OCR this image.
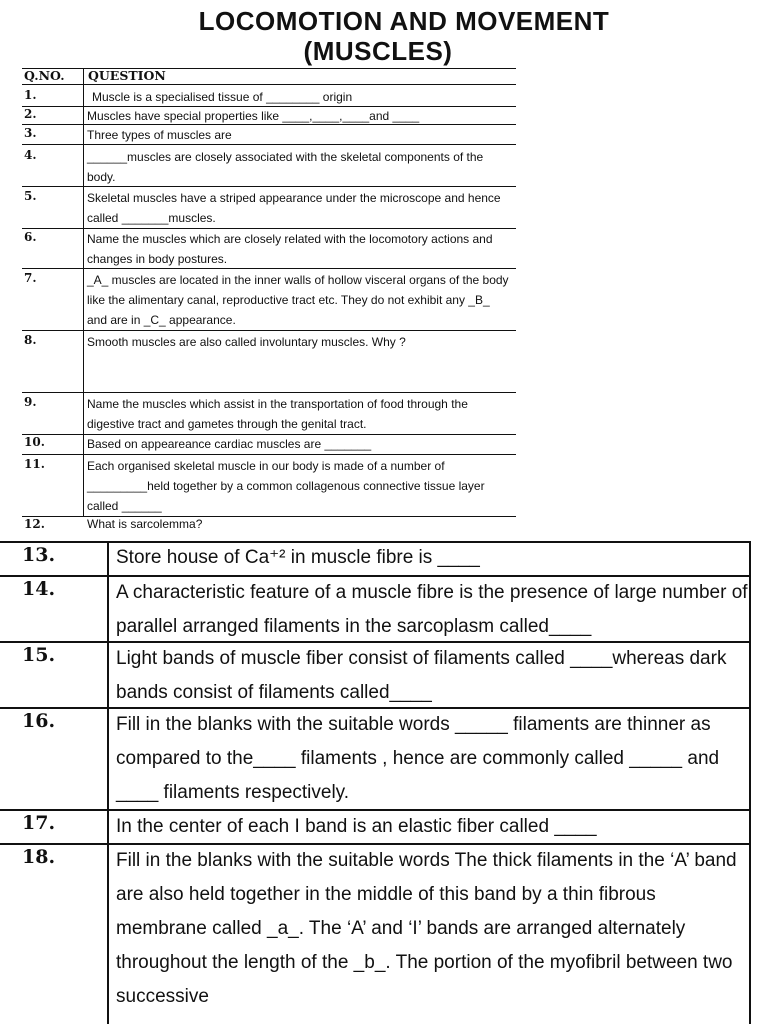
LOCOMOTION AND MOVEMENT
(MUSCLES)
Q.NO. QUESTION
1.	Muscle is a specialised tissue of ________ origin
2.	Muscles have special properties like ____,____,____and ____
3.	Three types of muscles are
4.	______muscles are closely associated with the skeletal components of the body.
5.	Skeletal muscles have a striped appearance under the microscope and hence called _______muscles.
6.	Name the muscles which are closely related with the locomotory actions and changes in body postures.
7.	_A_ muscles are located in the inner walls of hollow visceral organs of the body like the alimentary canal, reproductive tract etc. They do not exhibit any _B_ and are in _C_ appearance.
8.	Smooth muscles are also called involuntary muscles. Why ?
9.	Name the muscles which assist in the transportation of food through the digestive tract and gametes through the genital tract.
10.	Based on appeareance cardiac muscles are _______
11.	Each organised skeletal muscle in our body is made of a number of _________held together by a common collagenous connective tissue layer called ______
12.	What is sarcolemma?
13.	Store house of Ca⁺² in muscle fibre is ____
14.	A characteristic feature of a muscle fibre is the presence of large number of parallel arranged filaments in the sarcoplasm called____
15.	Light bands of muscle fiber consist of filaments called ____whereas dark bands consist of filaments called____
16.	Fill in the blanks with the suitable words _____ filaments are thinner as compared to the____ filaments , hence are commonly called _____ and ____ filaments respectively.
17.	In the center of each I band is an elastic fiber called ____
18.	Fill in the blanks with the suitable words The thick filaments in the ‘A’ band are also held together in the middle of this band by a thin fibrous membrane called _a_. The ‘A’ and ‘I’ bands are arranged alternately throughout the length of the _b_. The portion of the myofibril between two successive
